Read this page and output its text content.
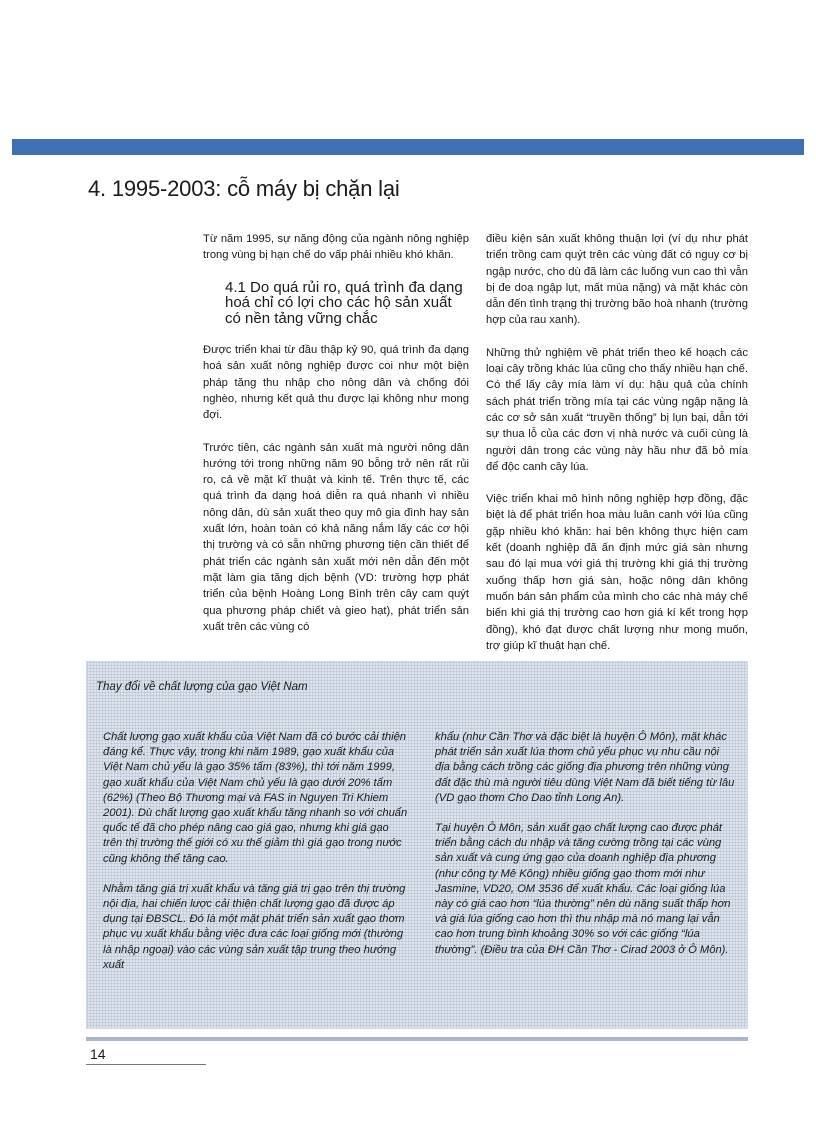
4. 1995-2003: cỗ máy bị chặn lại

Từ năm 1995, sự năng động của ngành nông nghiệp trong vùng bị hạn chế do vấp phải nhiều khó khăn.

4.1 Do quá rủi ro, quá trình đa dạng hoá chỉ có lợi cho các hộ sản xuất có nền tảng vững chắc

Được triển khai từ đầu thập kỷ 90, quá trình đa dạng hoá sản xuất nông nghiệp được coi như một biện pháp tăng thu nhập cho nông dân và chống đói nghèo, nhưng kết quả thu được lại không như mong đợi.

Trước tiên, các ngành sản xuất mà người nông dân hướng tới trong những năm 90 bỗng trở nên rất rủi ro, cả về mặt kĩ thuật và kinh tế. Trên thực tế, các quá trình đa dạng hoá diễn ra quá nhanh vì nhiều nông dân, dù sản xuất theo quy mô gia đình hay sản xuất lớn, hoàn toàn có khả năng nắm lấy các cơ hội thị trường và có sẵn những phương tiện cần thiết để phát triển các ngành sản xuất mới nên dẫn đến một mặt làm gia tăng dịch bệnh (VD: trường hợp phát triển của bệnh Hoàng Long Bình trên cây cam quýt qua phương pháp chiết và gieo hạt), phát triển sản xuất trên các vùng có

điều kiện sản xuất không thuận lợi (ví dụ như phát triển trồng cam quýt trên các vùng đất có nguy cơ bị ngập nước, cho dù đã làm các luống vun cao thì vẫn bị đe doạ ngập lụt, mất mùa nặng) và mặt khác còn dẫn đến tình trạng thị trường bão hoà nhanh (trường hợp của rau xanh).

Những thử nghiệm về phát triển theo kế hoạch các loại cây trồng khác lúa cũng cho thấy nhiều hạn chế. Có thể lấy cây mía làm ví dụ: hậu quả của chính sách phát triển trồng mía tại các vùng ngập nặng là các cơ sở sản xuất “truyền thống” bị lụn bại, dẫn tới sự thua lỗ của các đơn vị nhà nước và cuối cùng là người dân trong các vùng này hầu như đã bỏ mía để độc canh cây lúa.

Việc triển khai mô hình nông nghiệp hợp đồng, đặc biệt là để phát triển hoa màu luân canh với lúa cũng gặp nhiều khó khăn: hai bên không thực hiện cam kết (doanh nghiệp đã ấn định mức giá sàn nhưng sau đó lại mua với giá thị trường khi giá thị trường xuống thấp hơn giá sàn, hoặc nông dân không muốn bán sản phẩm của mình cho các nhà máy chế biến khi giá thị trường cao hơn giá kí kết trong hợp đồng), khó đạt được chất lượng như mong muốn, trợ giúp kĩ thuật hạn chế.

Thay đổi về chất lượng của gạo Việt Nam

Chất lượng gạo xuất khẩu của Việt Nam đã có bước cải thiện đáng kể. Thực vậy, trong khi năm 1989, gạo xuất khẩu của Việt Nam chủ yếu là gạo 35% tấm (83%), thì tới năm 1999, gạo xuất khẩu của Việt Nam chủ yếu là gạo dưới 20% tấm (62%) (Theo Bộ Thương mại và FAS in Nguyen Tri Khiem 2001). Dù chất lượng gạo xuất khẩu tăng nhanh so với chuẩn quốc tế đã cho phép nâng cao giá gạo, nhưng khi giá gạo trên thị trường thế giới có xu thế giảm thì giá gạo trong nước cũng không thể tăng cao.

Nhằm tăng giá trị xuất khẩu và tăng giá trị gạo trên thị trường nội địa, hai chiến lược cải thiện chất lượng gạo đã được áp dụng tại ĐBSCL. Đó là một mặt phát triển sản xuất gạo thơm phục vụ xuất khẩu bằng việc đưa các loại giống mới (thường là nhập ngoại) vào các vùng sản xuất tập trung theo hướng xuất

khẩu (như Cần Thơ và đặc biệt là huyện Ô Môn), mặt khác phát triển sản xuất lúa thơm chủ yếu phục vụ nhu cầu nội địa bằng cách trồng các giống địa phương trên những vùng đất đặc thù mà người tiêu dùng Việt Nam đã biết tiếng từ lâu (VD gạo thơm Cho Dao tỉnh Long An).

Tại huyện Ô Môn, sản xuất gạo chất lượng cao được phát triển bằng cách du nhập và tăng cường trồng tại các vùng sản xuất và cung ứng gạo của doanh nghiệp địa phương (như công ty Mê Kông) nhiều giống gạo thơm mới như Jasmine, VD20, OM 3536 để xuất khẩu. Các loại giống lúa này có giá cao hơn “lúa thường” nên dù năng suất thấp hơn và giá lúa giống cao hơn thì thu nhập mà nó mang lại vẫn cao hơn trung bình khoảng 30% so với các giống “lúa thường”. (Điều tra của ĐH Cần Thơ - Cirad 2003 ở Ô Môn).

14
